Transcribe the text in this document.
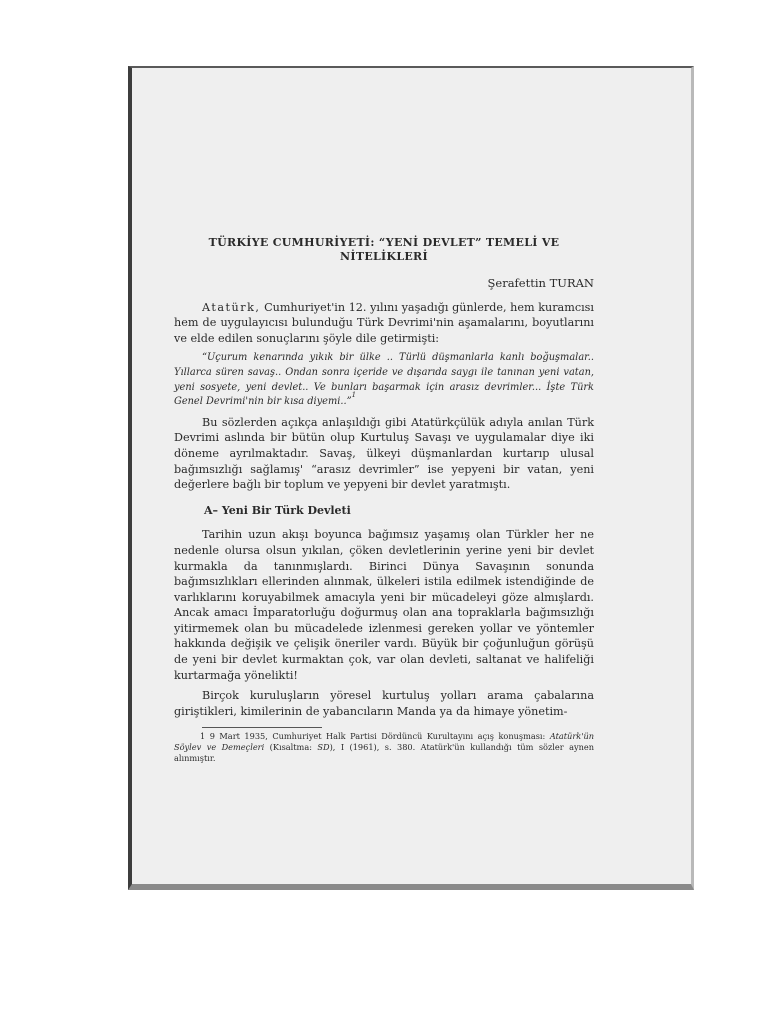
TÜRKİYE CUMHURİYETİ: “YENİ DEVLET” TEMELİ VE NİTELİKLERİ
Şerafettin TURAN

Atatürk, Cumhuriyet'in 12. yılını yaşadığı günlerde, hem kuramcısı hem de uygulayıcısı bulunduğu Türk Devrimi'nin aşamalarını, boyutlarını ve elde edilen sonuçlarını şöyle dile getirmişti:

“Uçurum kenarında yıkık bir ülke .. Türlü düşmanlarla kanlı boğuşmalar.. Yıllarca süren savaş.. Ondan sonra içeride ve dışarıda saygı ile tanınan yeni vatan, yeni sosyete, yeni devlet.. Ve bunları başarmak için arasız devrimler... İşte Türk Genel Devrimi'nin bir kısa diyemi..”$^1$

Bu sözlerden açıkça anlaşıldığı gibi Atatürkçülük adıyla anılan Türk Devrimi aslında bir bütün olup Kurtuluş Savaşı ve uygulamalar diye iki döneme ayrılmaktadır. Savaş, ülkeyi düşmanlardan kurtarıp ulusal bağımsızlığı sağlamış' “arasız devrimler” ise yepyeni bir vatan, yeni değerlere bağlı bir toplum ve yepyeni bir devlet yaratmıştı.

A– Yeni Bir Türk Devleti

Tarihin uzun akışı boyunca bağımsız yaşamış olan Türkler her ne nedenle olursa olsun yıkılan, çöken devletlerinin yerine yeni bir devlet kurmakla da tanınmışlardı. Birinci Dünya Savaşının sonunda bağımsızlıkları ellerinden alınmak, ülkeleri istila edilmek istendiğinde de varlıklarını koruyabilmek amacıyla yeni bir mücadeleyi göze almışlardı. Ancak amacı İmparatorluğu doğurmuş olan ana topraklarla bağımsızlığı yitirmemek olan bu mücadelede izlenmesi gereken yollar ve yöntemler hakkında değişik ve çelişik öneriler vardı. Büyük bir çoğunluğun görüşü de yeni bir devlet kurmaktan çok, var olan devleti, saltanat ve halifeliği kurtarmağa yönelikti!

Birçok kuruluşların yöresel kurtuluş yolları arama çabalarına giriştikleri, kimilerinin de yabancıların Manda ya da himaye yönetim-

1 9 Mart 1935, Cumhuriyet Halk Partisi Dördüncü Kurultayını açış konuşması: Atatürk'ün Söylev ve Demeçleri (Kısaltma: SD), I (1961), s. 380. Atatürk'ün kullandığı tüm sözler aynen alınmıştır.
